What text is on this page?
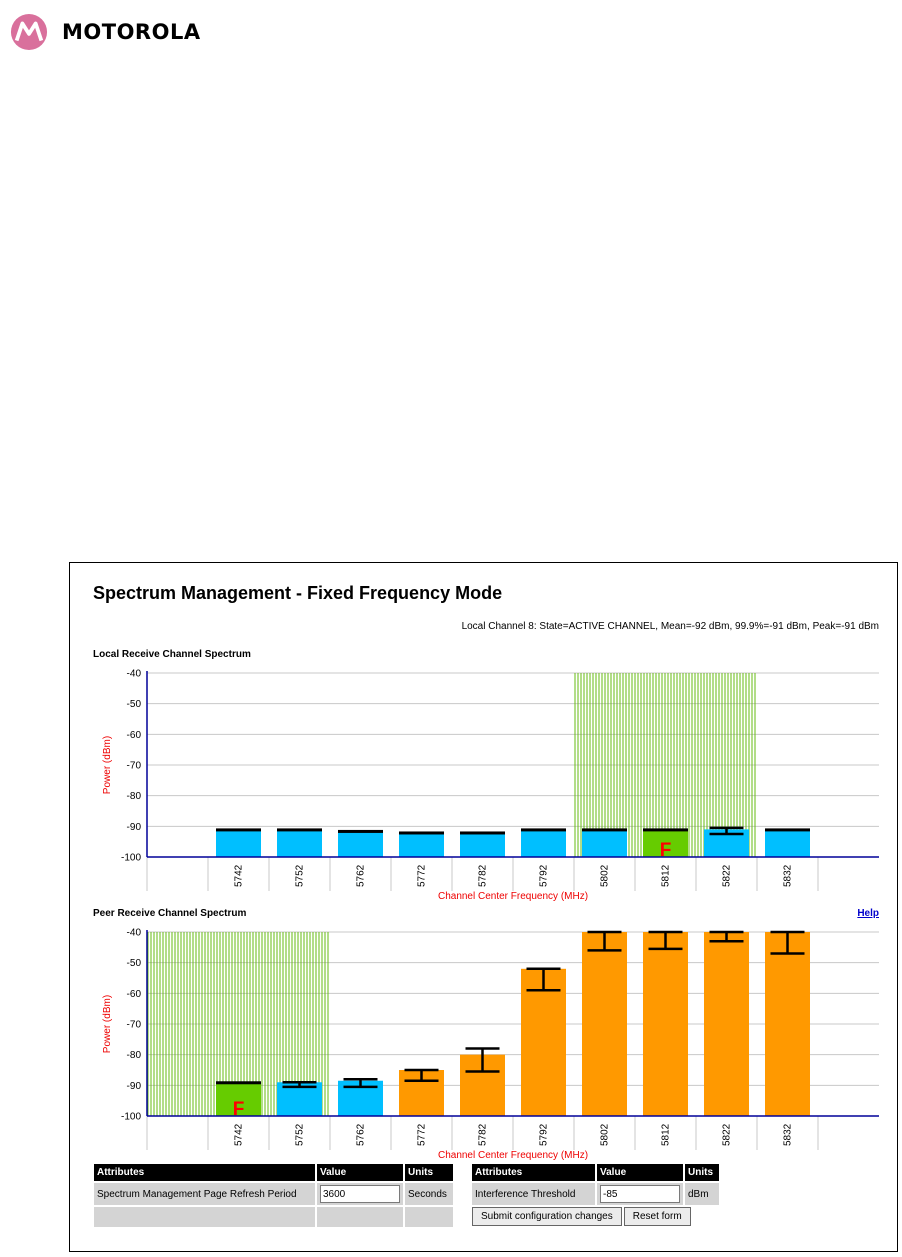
MOTOROLA
Spectrum Management - Fixed Frequency Mode
Local Channel 8: State=ACTIVE CHANNEL, Mean=-92 dBm, 99.9%=-91 dBm, Peak=-91 dBm
Local Receive Channel Spectrum
-40
-50
-60
-70
-80
-90
-100
5742	5752	5762	5772	5782	5792	5802
F
5812	5822	5832
Power (dBm)
Channel Center Frequency (MHz)
Peer Receive Channel Spectrum	Help
-40
-50
-60
-70
-80
-90
-100	F
5742	5752	5762	5772	5782	5792	5802	5812	5822	5832
Power (dBm)
Channel Center Frequency (MHz)
Attributes	Value	Units
Spectrum Management Page Refresh Period	3600	Seconds

Attributes	Value	Units
Interference Threshold	-85	dBm
Submit configuration changes Reset form		
